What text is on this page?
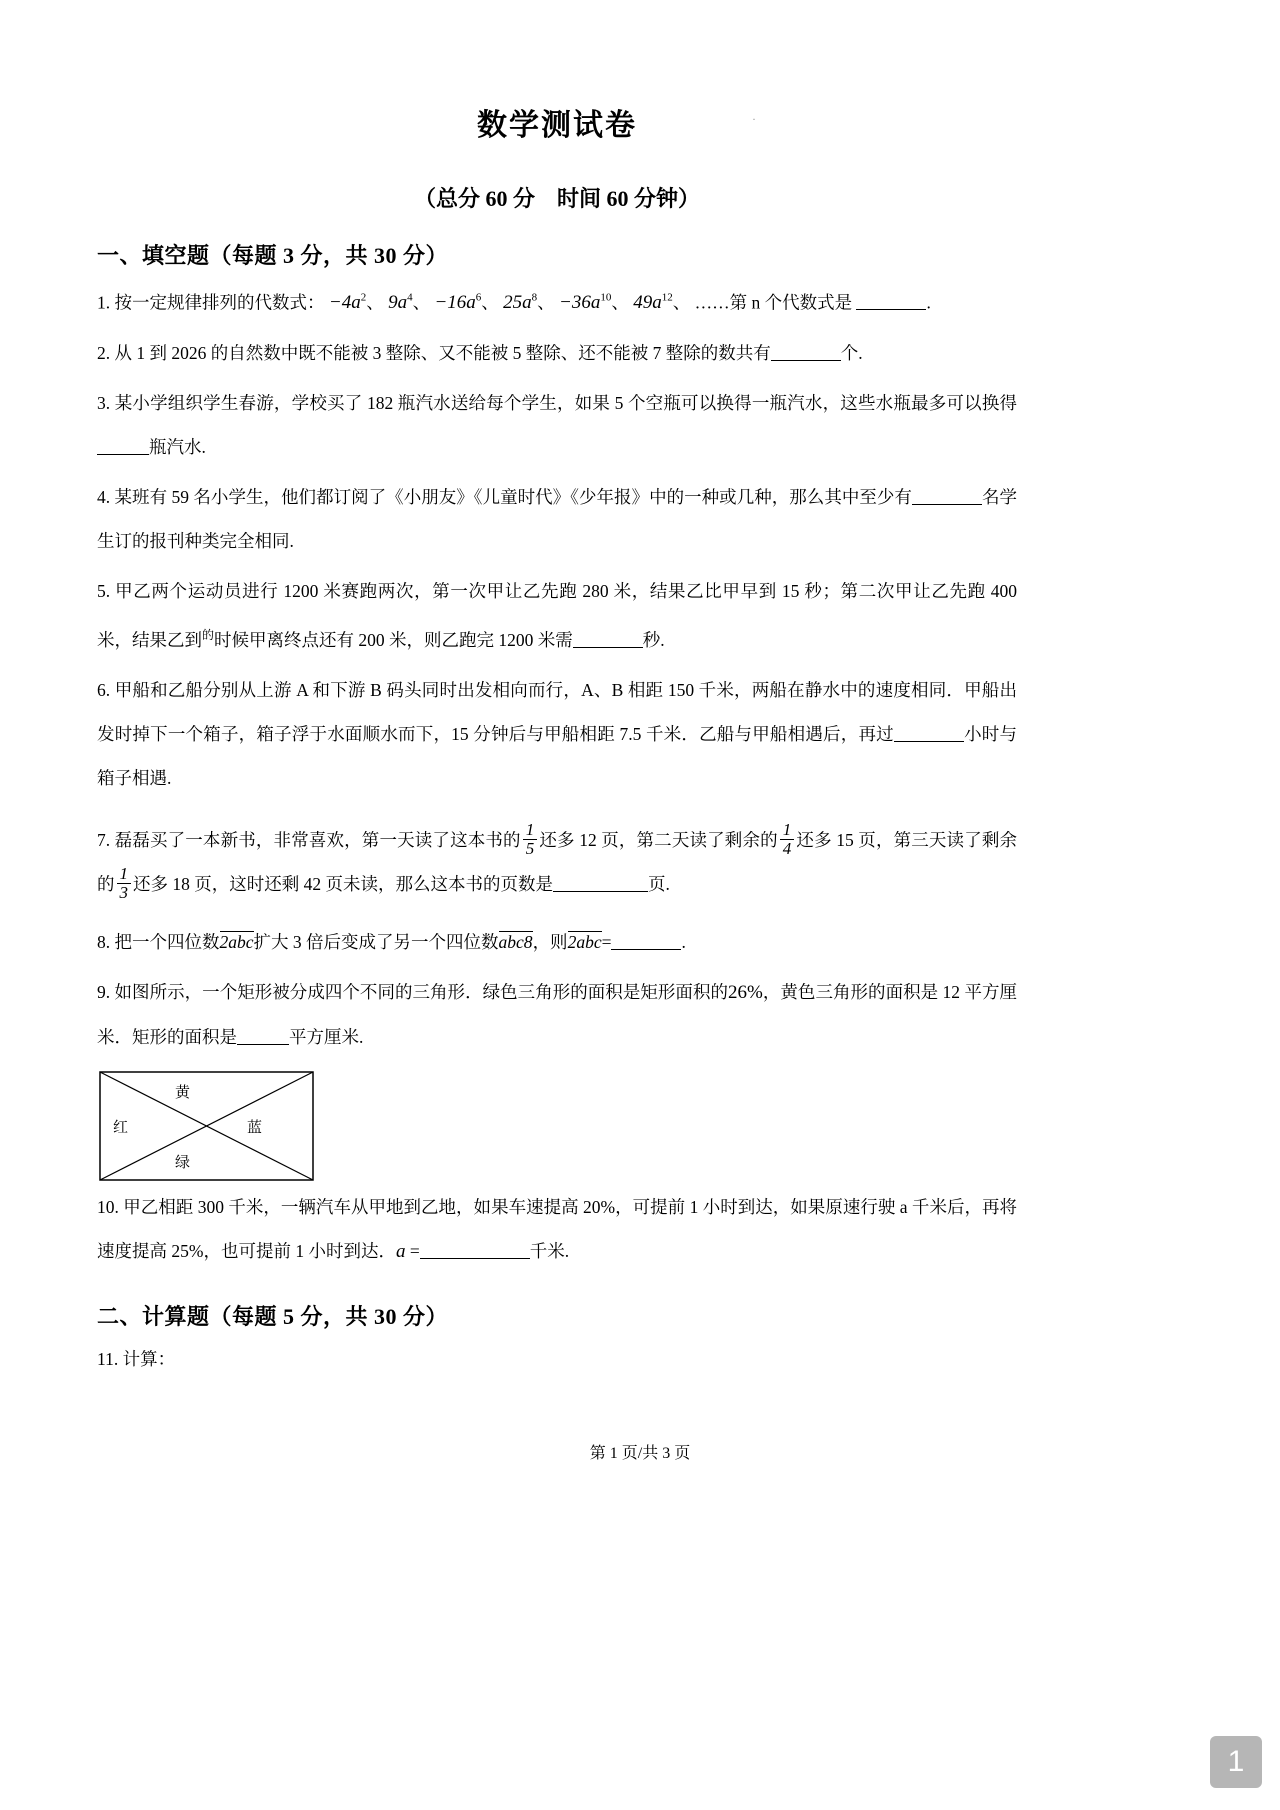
·
数学测试卷
（总分 60 分　时间 60 分钟）
一、填空题（每题 3 分，共 30 分）

1. 按一定规律排列的代数式： $-4a^2$、 $9a^4$、 $-16a^6$、 $25a^8$、 $-36a^{10}$、 $49a^{12}$、 ……第 n 个代数式是	.

2. 从 1 到 2026 的自然数中既不能被 3 整除、又不能被 5 整除、还不能被 7 整除的数共有	个.

3. 某小学组织学生春游，学校买了 182 瓶汽水送给每个学生，如果 5 个空瓶可以换得一瓶汽水，这些水瓶最多可以换得瓶汽水.

4. 某班有 59 名小学生，他们都订阅了《小朋友》《儿童时代》《少年报》中的一种或几种，那么其中至少有	名学生订的报刊种类完全相同.

5. 甲乙两个运动员进行 1200 米赛跑两次，第一次甲让乙先跑 280 米，结果乙比甲早到 15 秒；第二次甲让乙先跑 400 米，结果乙到$^的$时候甲离终点还有 200 米，则乙跑完 1200 米需	秒.

6. 甲船和乙船分别从上游 A 和下游 B 码头同时出发相向而行，A、B 相距 150 千米，两船在静水中的速度相同．甲船出发时掉下一个箱子，箱子浮于水面顺水而下，15 分钟后与甲船相距 7.5 千米．乙船与甲船相遇后，再过	小时与箱子相遇.

7. 磊磊买了一本新书，非常喜欢，第一天读了这本书的 $\frac{1}{5}$ 还多 12 页，第二天读了剩余的 $\frac{1}{4}$ 还多 15 页，第三天读了剩余的 $\frac{1}{3}$ 还多 18 页，这时还剩 42 页未读，那么这本书的页数是	页.

8. 把一个四位数2abc扩大 3 倍后变成了另一个四位数abc8，则2abc=	.

9. 如图所示，一个矩形被分成四个不同的三角形．绿色三角形的面积是矩形面积的26%，黄色三角形的面积是 12 平方厘米．矩形的面积是	平方厘米.

黄
红	蓝
绿

10. 甲乙相距 300 千米，一辆汽车从甲地到乙地，如果车速提高 20%，可提前 1 小时到达，如果原速行驶 a 千米后，再将速度提高 25%，也可提前 1 小时到达．a =	千米.

二、计算题（每题 5 分，共 30 分）

11. 计算：

第 1 页/共 3 页
1
